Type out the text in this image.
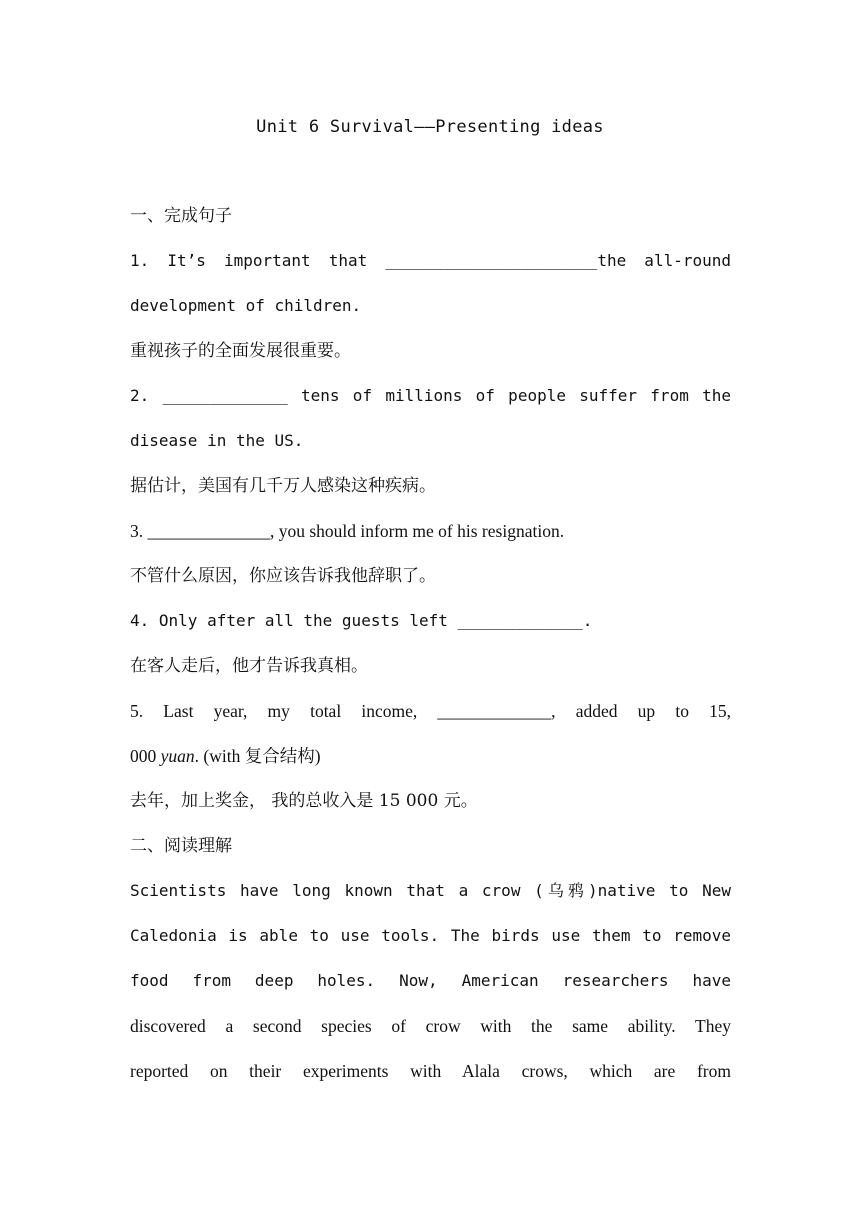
Unit 6 Survival——Presenting ideas
一、完成句子
1. It’s important that ______________________the all-round
development of children.
重视孩子的全面发展很重要。
2. _____________ tens of millions of people suffer from the
disease in the US.
据估计，美国有几千万人感染这种疾病。
3. ______________, you should inform me of his resignation.
不管什么原因，你应该告诉我他辞职了。
4. Only after all the guests left _____________.
在客人走后，他才告诉我真相。
5. Last year, my total income, _____________, added up to 15,
000 yuan. (with 复合结构)
去年，加上奖金， 我的总收入是 15 000 元。
二、阅读理解
Scientists have long known that a crow (乌鸦)native to New
Caledonia is able to use tools. The birds use them to remove
food from deep holes. Now, American researchers have
discovered a second species of crow with the same ability. They
reported on their experiments with Alala crows, which are from
